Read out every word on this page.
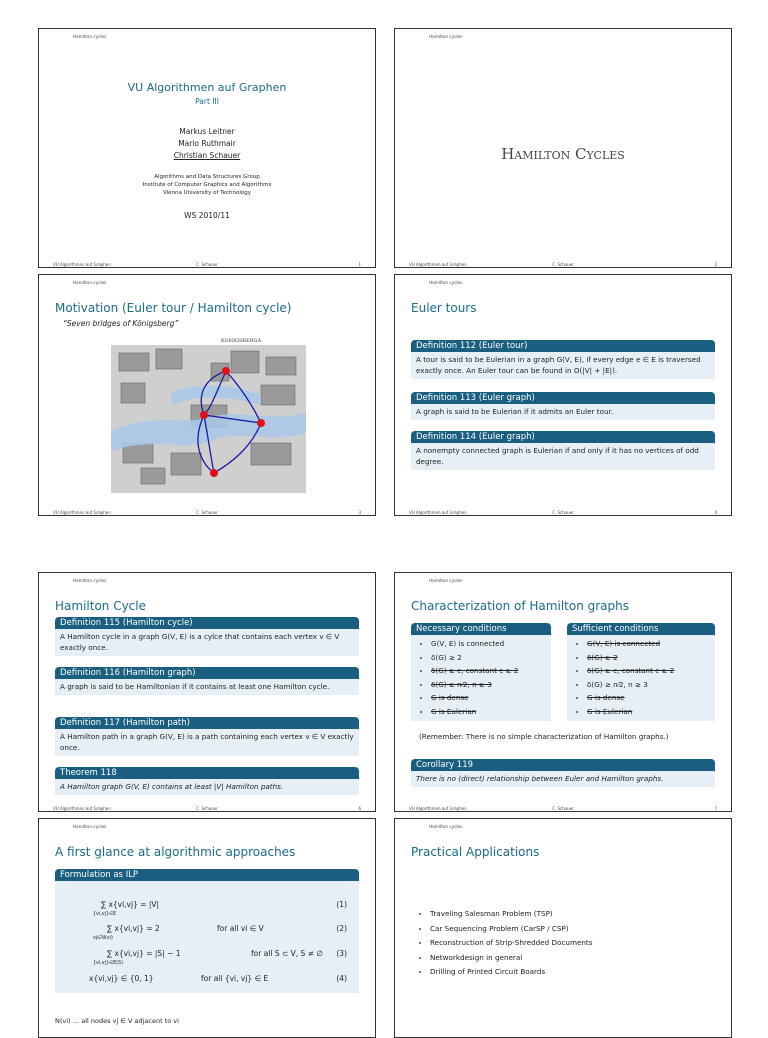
Hamilton cycles
VU Algorithmen auf Graphen
Part III
Markus Leitner
Mario Ruthmair
Christian Schauer
Algorithms and Data Structures Group
Institute of Computer Graphics and Algorithms
Vienna University of Technology
WS 2010/11
VU Algorithmen auf Graphen	C. Schauer	1
Hamilton cycles
Hamilton Cycles
VU Algorithmen auf Graphen	C. Schauer	2
Hamilton cycles
Motivation (Euler tour / Hamilton cycle)
“Seven bridges of Königsberg”
KONIGSBERGA
VU Algorithmen auf Graphen	C. Schauer	3
Hamilton cycles
Euler tours
Definition 112 (Euler tour)
A tour is said to be Eulerian in a graph G(V, E), if every edge e ∈ E is traversed exactly once. An Euler tour can be found in O(|V| + |E|).
Definition 113 (Euler graph)
A graph is said to be Eulerian if it admits an Euler tour.
Definition 114 (Euler graph)
A nonempty connected graph is Eulerian if and only if it has no vertices of odd degree.
VU Algorithmen auf Graphen	C. Schauer	4
Hamilton cycles
Hamilton Cycle
Definition 115 (Hamilton cycle)
A Hamilton cycle in a graph G(V, E) is a cylce that contains each vertex v ∈ V exactly once.
Definition 116 (Hamilton graph)
A graph is said to be Hamiltonian if it contains at least one Hamilton cycle.
Definition 117 (Hamilton path)
A Hamilton path in a graph G(V, E) is a path containing each vertex v ∈ V exactly once.
Theorem 118
A Hamilton graph G(V, E) contains at least |V| Hamilton paths.
VU Algorithmen auf Graphen	C. Schauer	6
Hamilton cycles
Characterization of Hamilton graphs
Necessary conditions
• G(V, E) is connected
• δ(G) ≥ 2
• δ(G) ≥ c, constant c ≥ 2
• δ(G) ≥ n⁄2, n ≥ 3
• G is dense
• G is Eulerian
Sufficient conditions
• G(V, E) is connected
• δ(G) ≥ 2
• δ(G) ≥ c, constant c ≥ 2
• δ(G) ≥ n⁄2, n ≥ 3
• G is dense
• G is Eulerian
(Remember: There is no simple characterization of Hamilton graphs.)
Corollary 119
There is no (direct) relationship between Euler and Hamilton graphs.
VU Algorithmen auf Graphen	C. Schauer	7
Hamilton cycles
A first glance at algorithmic approaches
Formulation as ILP
∑ x{vi,vj} = |V|
{vi,vj}∈E
(1)
∑ x{vi,vj} = 2
vj∈N(vi)
for all vi ∈ V	(2)
∑ x{vi,vj} = |S| − 1
{vi,vj}∈E(S)
for all S ⊂ V, S ≠ ∅ (3)
x{vi,vj} ∈ {0, 1}	for all {vi, vj} ∈ E	(4)
N(vi) … all nodes vj ∈ V adjacent to vi
Hamilton cycles
Practical Applications
• Traveling Salesman Problem (TSP)
• Car Sequencing Problem (CarSP / CSP)
• Reconstruction of Strip-Shredded Documents
• Networkdesign in general
• Drilling of Printed Circuit Boards
